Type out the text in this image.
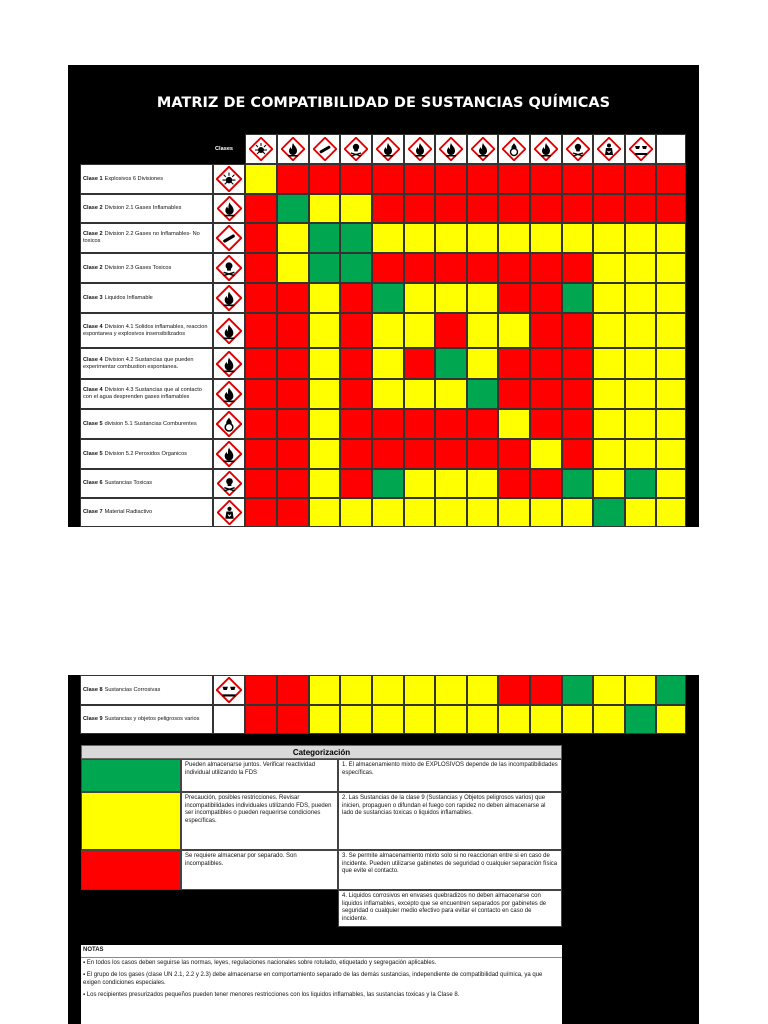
MATRIZ DE COMPATIBILIDAD DE SUSTANCIAS QUÍMICAS
Clases
Clase 1 Explosivos 6 Divisiones
Clase 2 Division 2.1 Gases Inflamables
Clase 2 Division 2.2 Gases no Inflamables- No toxicos
Clase 2 Division 2.3 Gases Toxicos
Clase 3 Liquidos Inflamable
Clase 4 Division 4.1 Solidos inflamables, reaccion espontanea y explosivos insensibilizados
Clase 4 Division 4.2 Sustancias que pueden experimentar combustion espontanea.
Clase 4 Division 4.3 Sustancias que al contacto con el agua desprenden gases inflamables
Clase 5 division 5.1 Sustancias Comburentes
Clase 5 Division 5.2 Peroxidos Organicos
Clase 6 Sustancias Toxicas
Clase 7 Material Radiactivo
Clase 8 Sustancias Corrosivas
Clase 9 Sustancias y objetos peligrosos varios
Categorización
Pueden almacenarse juntos. Verificar reactividad individual utilizando la FDS
1. El almacenamiento mixto de EXPLOSIVOS depende de las incompatibilidades específicas.
Precaución, posibles restricciones. Revisar incompatibilidades individuales utilizando FDS, pueden ser incompatibles o pueden requerirse condiciones específicas.
2. Las Sustancias de la clase 9 (Sustancias y Objetos peligrosos varios) que inicien, propaguen o difundan el fuego con rapidez no deben almacenarse al lado de sustancias toxicas o liquidos inflamables.
Se requiere almacenar por separado. Son incompatibles.
3. Se permite almacenamiento mixto solo si no reaccionan entre si en caso de incidente. Pueden utilizarse gabinetes de seguridad o cualquier separación física que evite el contacto.
4. Liquidos corrosivos en envases quebradizos no deben almacenarse con liquidos inflamables, excepto que se encuentren separados por gabinetes de seguridad o cualquier medio efectivo para evitar el contacto en caso de incidente.
NOTAS

▪ En todos los casos deben seguirse las normas, leyes, regulaciones nacionales sobre rotulado, etiquetado y segregación aplicables.

▪ El grupo de los gases (clase UN 2.1, 2.2 y 2.3) debe almacenarse en comportamiento separado de las demás sustancias, independiente de compatibilidad química, ya que exigen condiciones especiales.

▪ Los recipientes presurizados pequeños pueden tener menores restricciones con los liquidos inflamables, las sustancias toxicas y la Clase 8.
